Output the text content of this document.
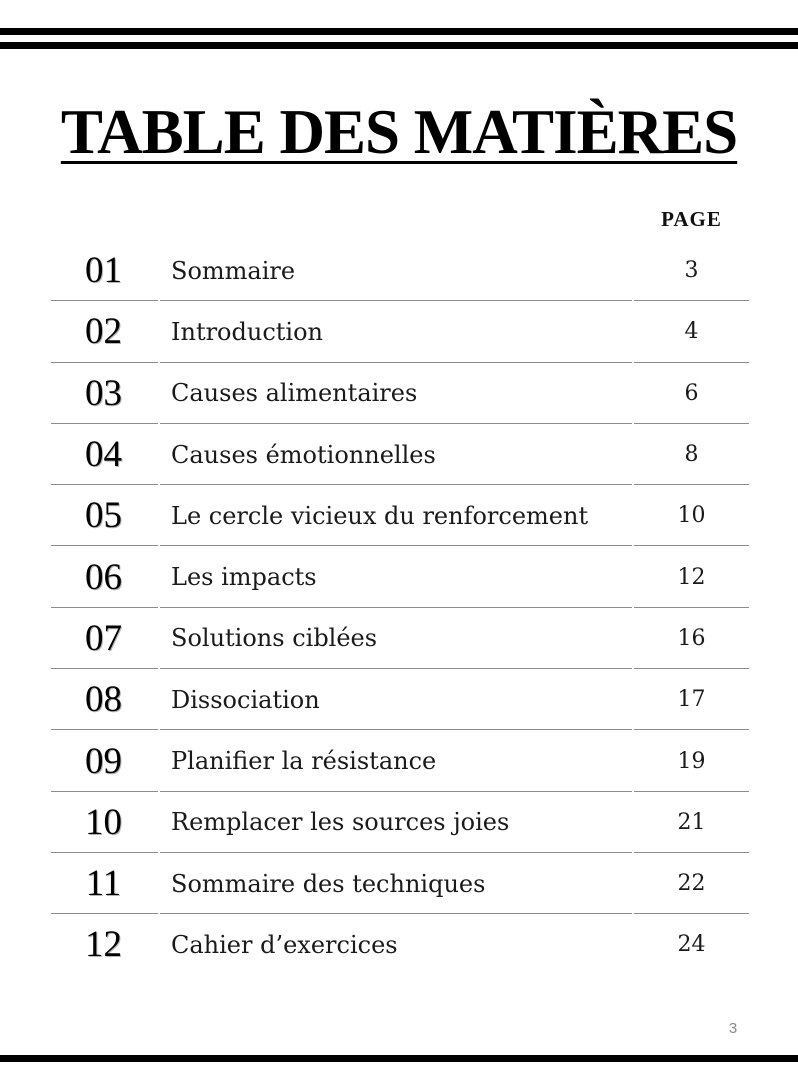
TABLE DES MATIÈRES
PAGE
01	Sommaire	3
02	Introduction	4
03	Causes alimentaires	6
04	Causes émotionnelles	8
05	Le cercle vicieux du renforcement	10
06	Les impacts	12
07	Solutions ciblées	16
08	Dissociation	17
09	Planifier la résistance	19
10	Remplacer les sources joies	21
11	Sommaire des techniques	22
12	Cahier d’exercices	24
3
